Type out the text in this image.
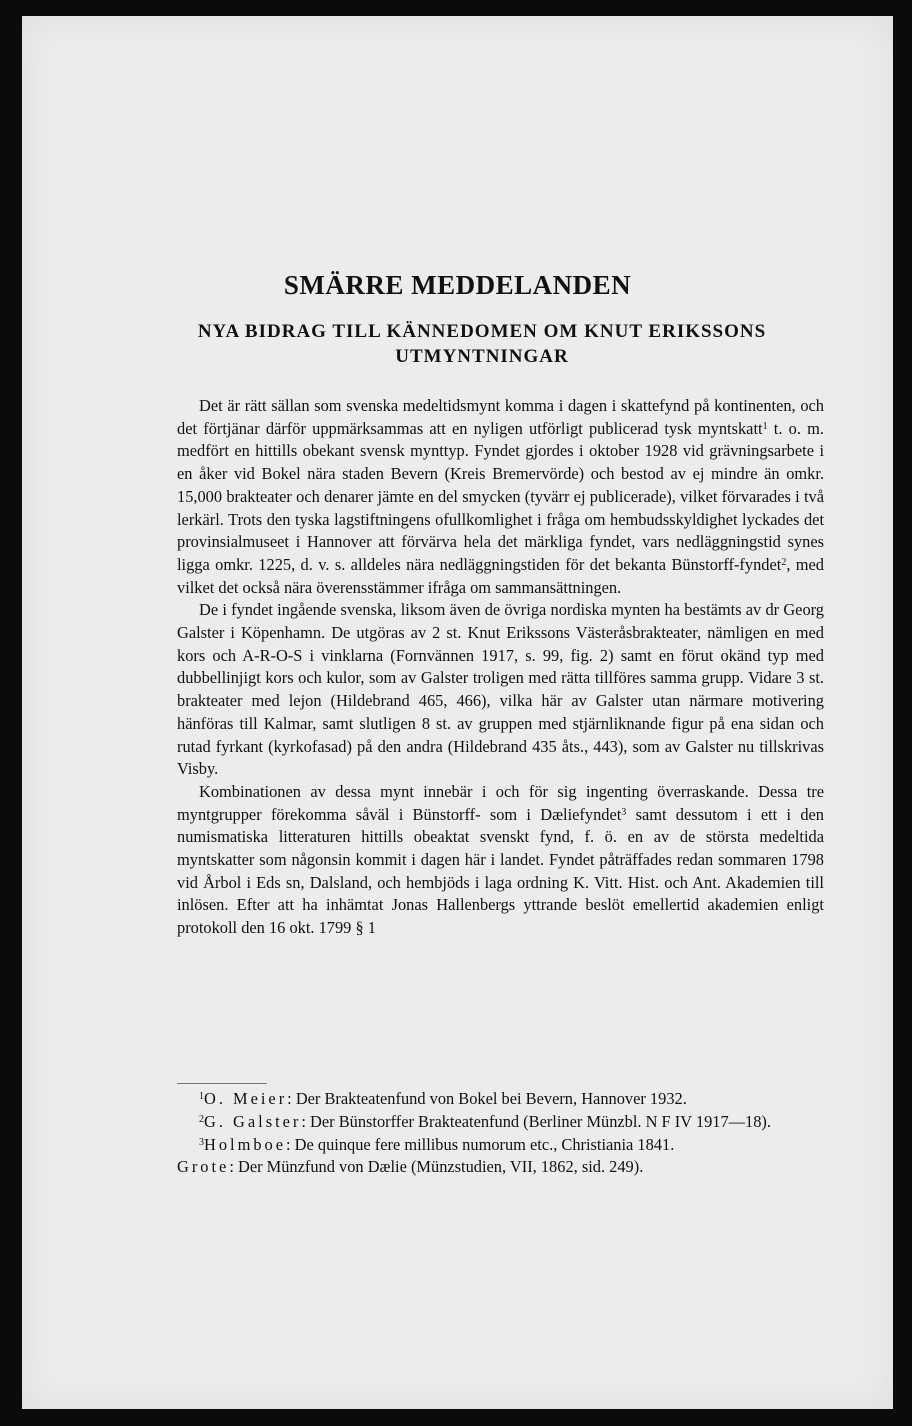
SMÄRRE MEDDELANDEN
NYA BIDRAG TILL KÄNNEDOMEN OM KNUT ERIKSSONS UTMYNTNINGAR

Det är rätt sällan som svenska medeltidsmynt komma i dagen i skattefynd på kontinenten, och det förtjänar därför uppmärksammas att en nyligen utförligt publicerad tysk myntskatt$^1$ t. o. m. medfört en hittills obekant svensk mynttyp. Fyndet gjordes i oktober 1928 vid grävningsarbete i en åker vid Bokel nära staden Bevern (Kreis Bremervörde) och bestod av ej mindre än omkr. 15,000 brakteater och denarer jämte en del smycken (tyvärr ej publicerade), vilket förvarades i två lerkärl. Trots den tyska lagstiftningens ofullkomlighet i fråga om hembudsskyldighet lyckades det provinsialmuseet i Hannover att förvärva hela det märkliga fyndet, vars nedläggningstid synes ligga omkr. 1225, d. v. s. alldeles nära nedläggningstiden för det bekanta Bünstorff-fyndet$^2$, med vilket det också nära överensstämmer ifråga om sammansättningen.

De i fyndet ingående svenska, liksom även de övriga nordiska mynten ha bestämts av dr Georg Galster i Köpenhamn. De utgöras av 2 st. Knut Erikssons Västeråsbrakteater, nämligen en med kors och A-R-O-S i vinklarna (Fornvännen 1917, s. 99, fig. 2) samt en förut okänd typ med dubbellinjigt kors och kulor, som av Galster troligen med rätta tillföres samma grupp. Vidare 3 st. brakteater med lejon (Hildebrand 465, 466), vilka här av Galster utan närmare motivering hänföras till Kalmar, samt slutligen 8 st. av gruppen med stjärnliknande figur på ena sidan och rutad fyrkant (kyrkofasad) på den andra (Hildebrand 435 åts., 443), som av Galster nu tillskrivas Visby.

Kombinationen av dessa mynt innebär i och för sig ingenting överraskande. Dessa tre myntgrupper förekomma såväl i Bünstorff- som i Dæliefyndet$^3$ samt dessutom i ett i den numismatiska litteraturen hittills obeaktat svenskt fynd, f. ö. en av de största medeltida myntskatter som någonsin kommit i dagen här i landet. Fyndet påträffades redan sommaren 1798 vid Årbol i Eds sn, Dalsland, och hembjöds i laga ordning K. Vitt. Hist. och Ant. Akademien till inlösen. Efter att ha inhämtat Jonas Hallenbergs yttrande beslöt emellertid akademien enligt protokoll den 16 okt. 1799 § 1

$^1$O. Meier: Der Brakteatenfund von Bokel bei Bevern, Hannover 1932.

$^2$G. Galster: Der Bünstorffer Brakteatenfund (Berliner Münzbl. N F IV 1917—18).

$^3$Holmboe: De quinque fere millibus numorum etc., Christiania 1841.

Grote: Der Münzfund von Dælie (Münzstudien, VII, 1862, sid. 249).
